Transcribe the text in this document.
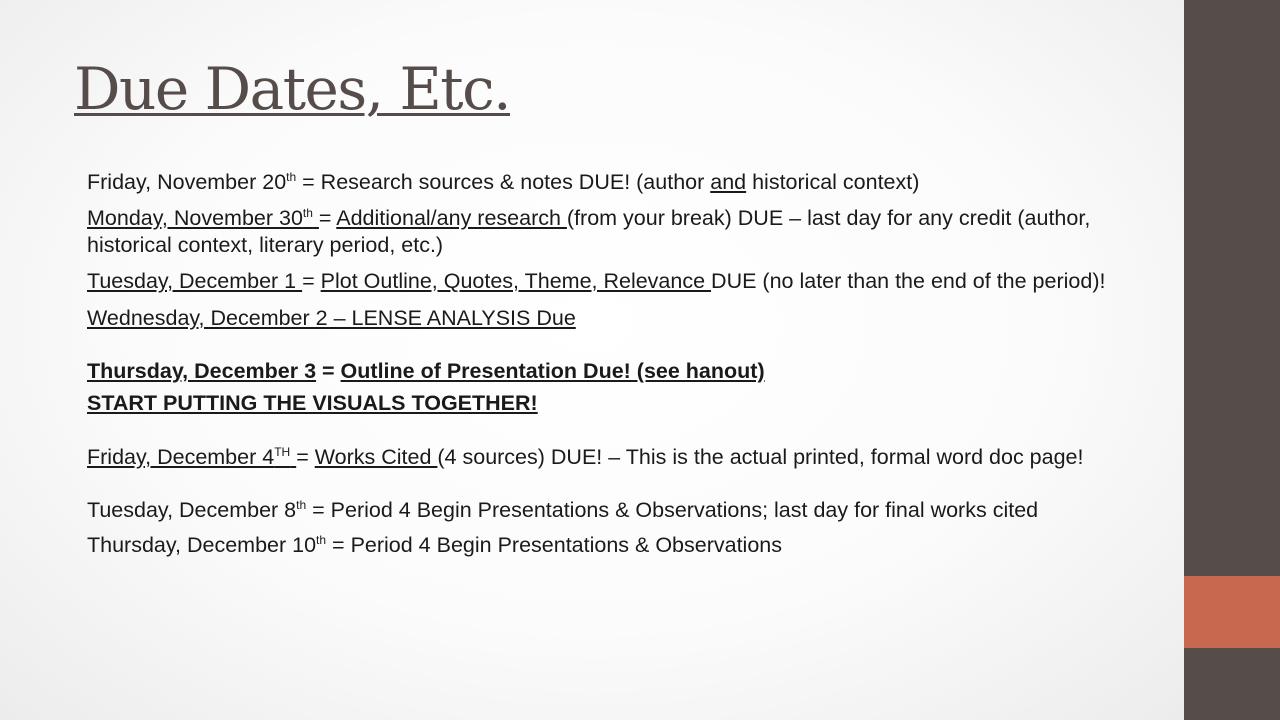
Due Dates, Etc.

Friday, November 20th = Research sources & notes DUE! (author and historical context)

Monday, November 30th = Additional/any research (from your break) DUE – last day for any credit (author, historical context, literary period, etc.)

Tuesday, December 1 = Plot Outline, Quotes, Theme, Relevance DUE (no later than the end of the period)!

Wednesday, December 2 – LENSE ANALYSIS Due

Thursday, December 3 = Outline of Presentation Due! (see hanout)

START PUTTING THE VISUALS TOGETHER!

Friday, December 4TH = Works Cited (4 sources) DUE! – This is the actual printed, formal word doc page!

Tuesday, December 8th = Period 4 Begin Presentations & Observations; last day for final works cited

Thursday, December 10th = Period 4 Begin Presentations & Observations
